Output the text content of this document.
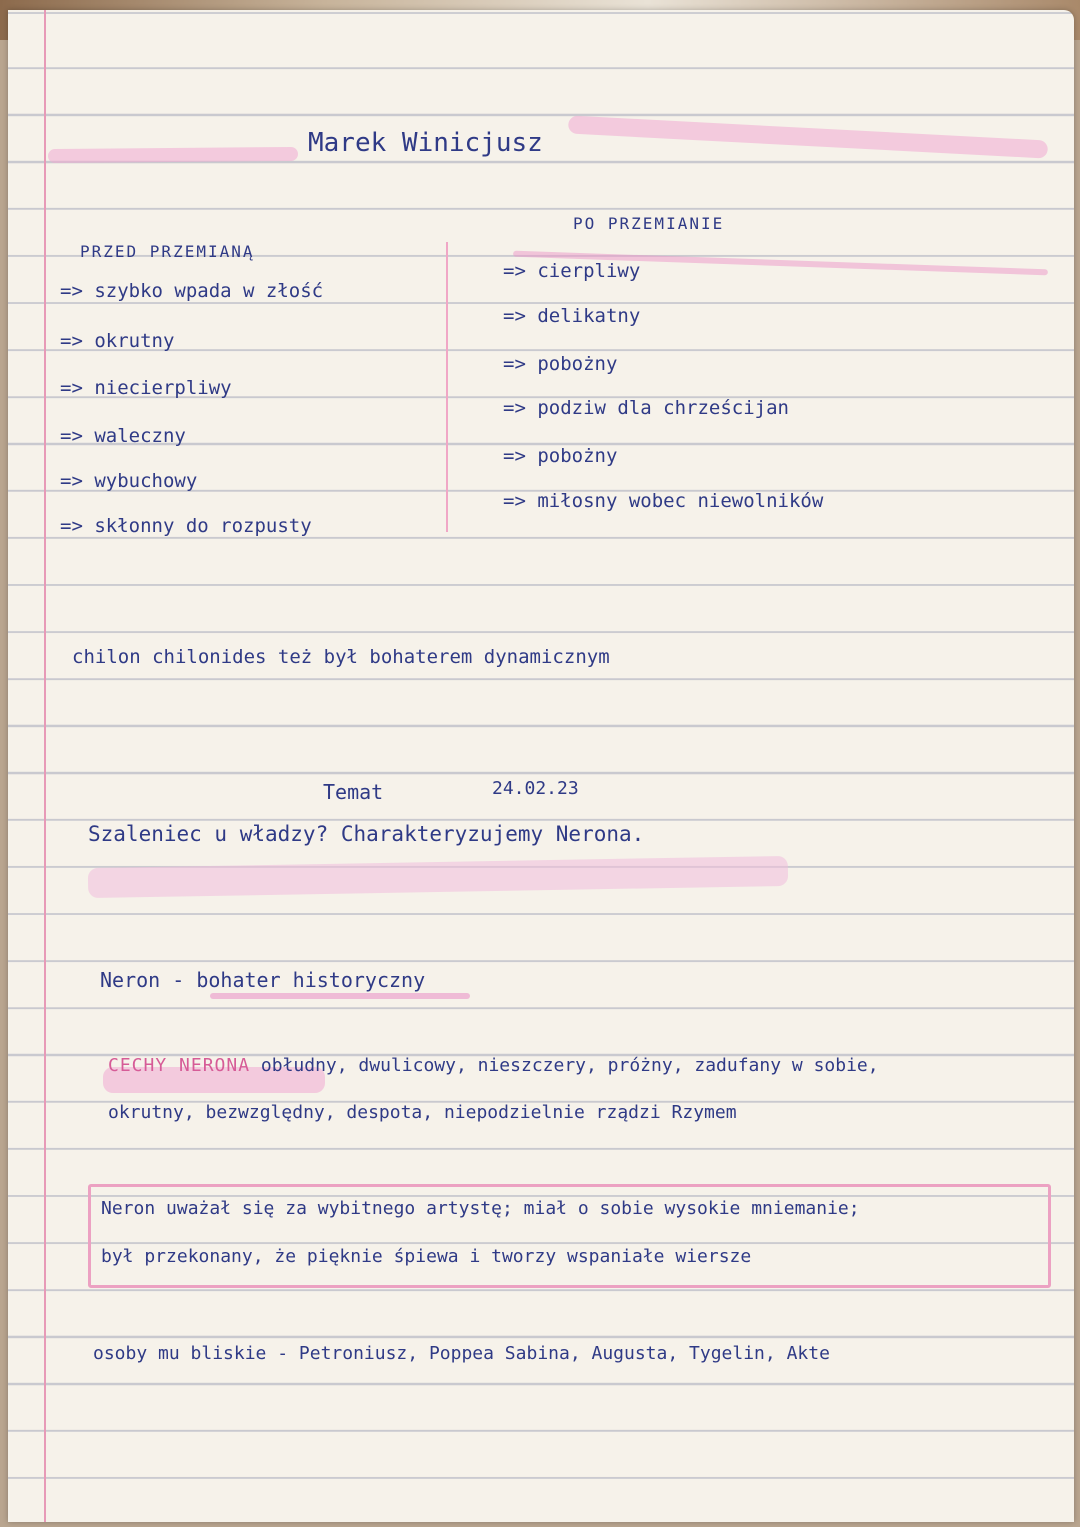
Marek Winicjusz
PRZED PRZEMIANĄ
PO PRZEMIANIE
=> szybko wpada w złość
=> okrutny
=> niecierpliwy
=> waleczny
=> wybuchowy
=> skłonny do rozpusty
=> cierpliwy
=> delikatny
=> pobożny
=> podziw dla chrześcijan
=> pobożny
=> miłosny wobec niewolników
chilon chilonides też był bohaterem dynamicznym
Temat	24.02.23
Szaleniec u władzy? Charakteryzujemy Nerona.
Neron - bohater historyczny
CECHY NERONA obłudny, dwulicowy, nieszczery, próżny, zadufany w sobie,
okrutny, bezwzględny, despota, niepodzielnie rządzi Rzymem
Neron uważał się za wybitnego artystę; miał o sobie wysokie mniemanie;
był przekonany, że pięknie śpiewa i tworzy wspaniałe wiersze
osoby mu bliskie - Petroniusz, Poppea Sabina, Augusta, Tygelin, Akte
